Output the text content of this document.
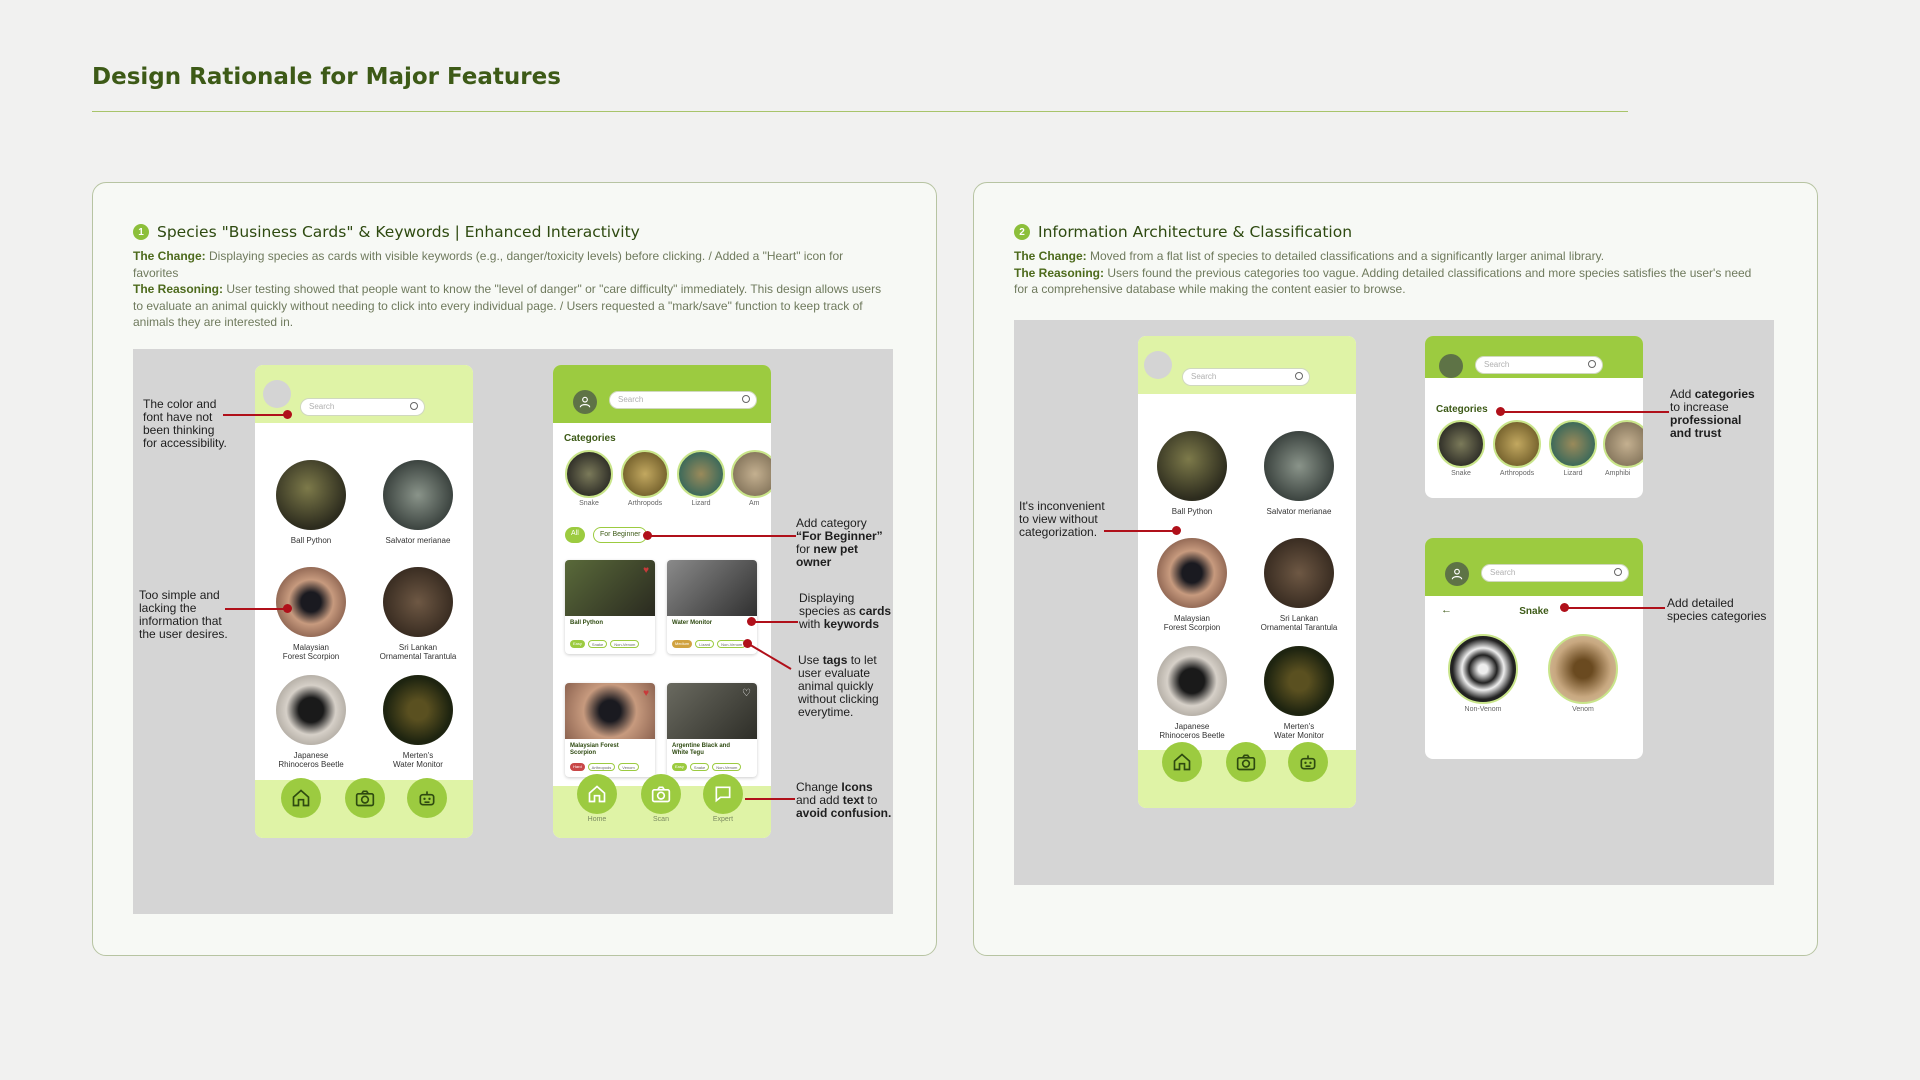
Design Rationale for Major Features
1 Species "Business Cards" & Keywords | Enhanced Interactivity

The Change: Displaying species as cards with visible keywords (e.g., danger/toxicity levels) before clicking. / Added a "Heart" icon for favorites

The Reasoning: User testing showed that people want to know the "level of danger" or "care difficulty" immediately. This design allows users to evaluate an animal quickly without needing to click into every individual page. / Users requested a "mark/save" function to keep track of animals they are interested in.

Search
Ball Python	Salvator merianae
Malaysian
Forest Scorpion
Sri Lankan
Ornamental Tarantula
Japanese
Rhinoceros Beetle
Merten's
Water Monitor
Search
Categories
Snake	Arthropods	Lizard	Am
All	For Beginner
♥
Ball Python
Easy	Snake	Non-Venom
Water Monitor
Medium	Lizard	Non-Venom
♥
Malaysian Forest
Scorpion
Hard	Arthropods	Venom
♡
Argentine Black and
White Tegu
Easy	Snake	Non-Venom
Home	Scan	Expert
The color and
font have not
been thinking
for accessibility.
Too simple and
lacking the
information that
the user desires.
Add category
“For Beginner”
for new pet
owner
Displaying
species as cards
with keywords
Use tags to let
user evaluate
animal quickly
without clicking
everytime.
Change Icons
and add text to
avoid confusion.
2 Information Architecture & Classification

The Change: Moved from a flat list of species to detailed classifications and a significantly larger animal library.

The Reasoning: Users found the previous categories too vague. Adding detailed classifications and more species satisfies the user's need for a comprehensive database while making the content easier to browse.

Search
Ball Python	Salvator merianae
Malaysian
Forest Scorpion
Sri Lankan
Ornamental Tarantula
Japanese
Rhinoceros Beetle
Merten's
Water Monitor
Search
Categories
Snake	Arthropods	Lizard	Amphibi
Search
←	Snake
Non-Venom	Venom
It's inconvenient
to view without
categorization.
Add categories
to increase
professional
and trust
Add detailed
species categories
